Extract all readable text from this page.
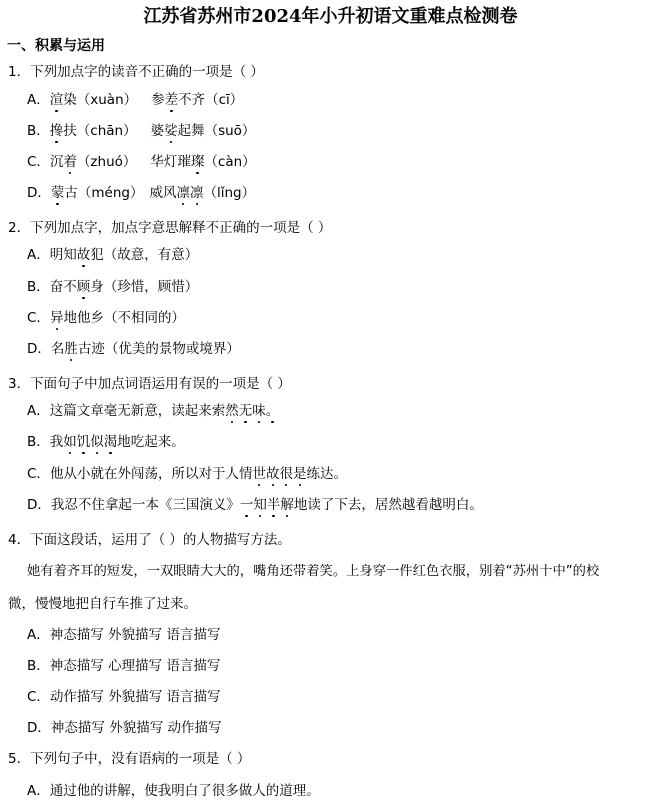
江苏省苏州市2024年小升初语文重难点检测卷
一、积累与运用
1．下列加点字的读音不正确的一项是（ ）
A．渲染（xuàn） 参差不齐（cī）
B．搀扶（chān） 婆娑起舞（suō）
C．沉着（zhuó） 华灯璀璨（càn）
D．蒙古（méng） 威风凛凛（lǐng）
2．下列加点字，加点字意思解释不正确的一项是（ ）
A．明知故犯（故意，有意）
B．奋不顾身（珍惜，顾惜）
C．异地他乡（不相同的）
D．名胜古迹（优美的景物或境界）
3．下面句子中加点词语运用有误的一项是（ ）
A．这篇文章毫无新意，读起来索然无味。
B．我如饥似渴地吃起来。
C．他从小就在外闯荡，所以对于人情世故很是练达。
D．我忍不住拿起一本《三国演义》一知半解地读了下去，居然越看越明白。
4．下面这段话，运用了（ ）的人物描写方法。
她有着齐耳的短发，一双眼睛大大的，嘴角还带着笑。上身穿一件红色衣服，别着“苏州十中”的校
微，慢慢地把自行车推了过来。
A．神态描写 外貌描写 语言描写
B．神态描写 心理描写 语言描写
C．动作描写 外貌描写 语言描写
D．神态描写 外貌描写 动作描写
5．下列句子中，没有语病的一项是（ ）
A．通过他的讲解，使我明白了很多做人的道理。
